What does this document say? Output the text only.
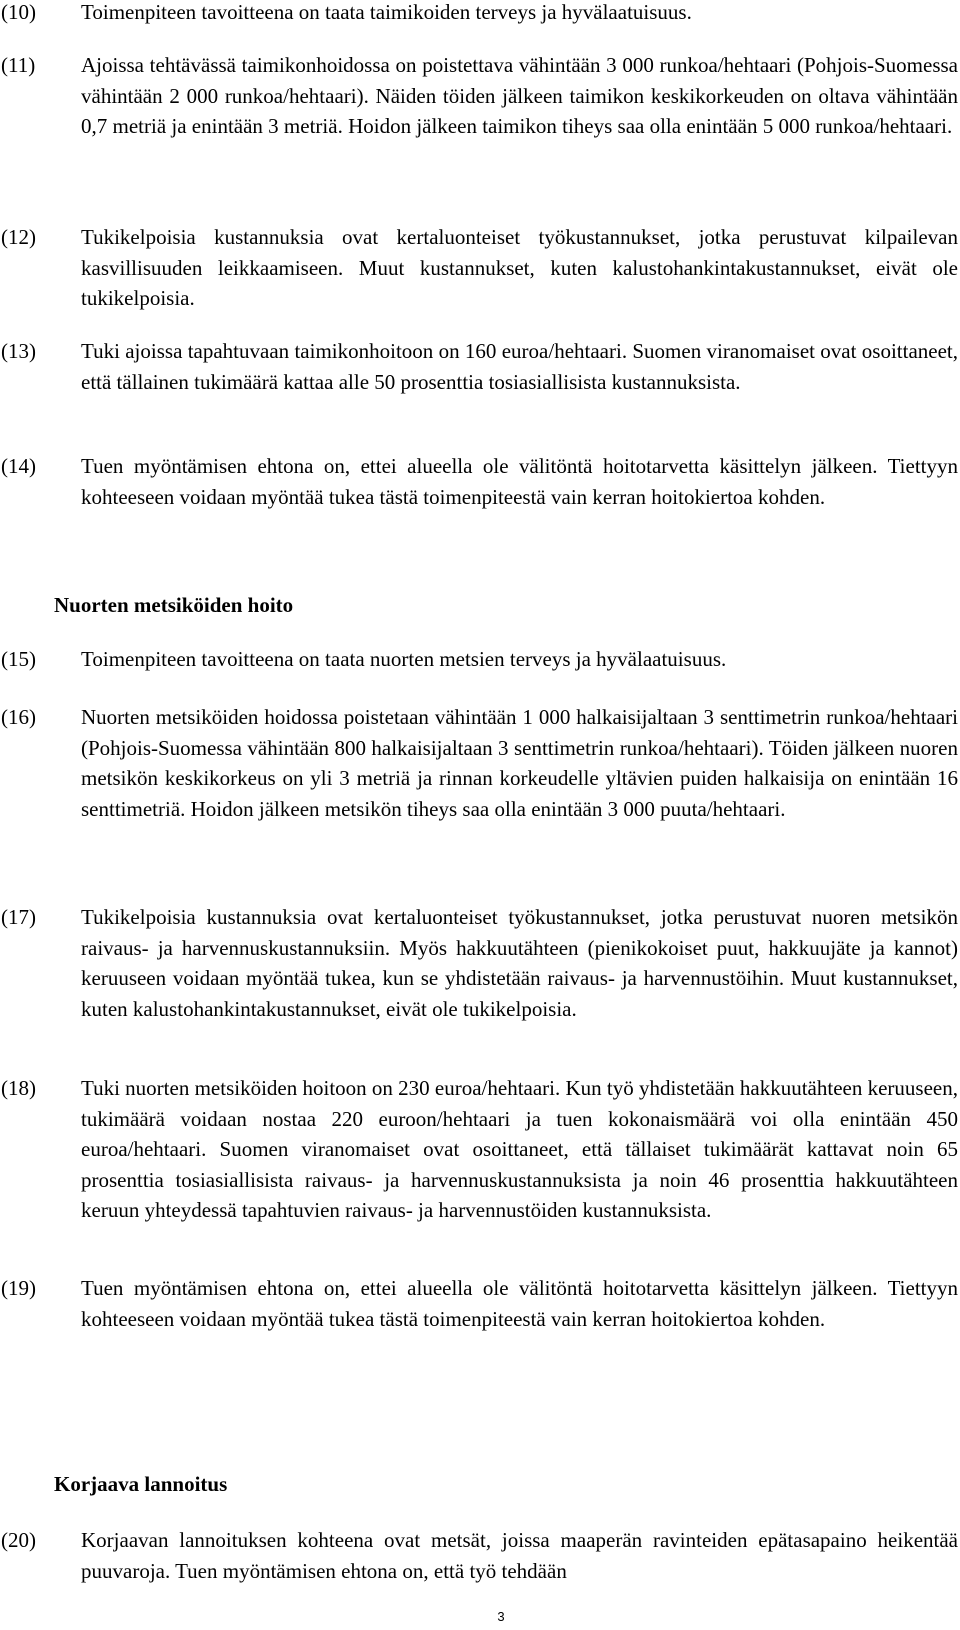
(10)	Toimenpiteen tavoitteena on taata taimikoiden terveys ja hyvälaatuisuus.
(11)	Ajoissa tehtävässä taimikonhoidossa on poistettava vähintään 3 000 runkoa/hehtaari (Pohjois-Suomessa vähintään 2 000 runkoa/hehtaari). Näiden töiden jälkeen taimikon keskikorkeuden on oltava vähintään 0,7 metriä ja enintään 3 metriä. Hoidon jälkeen taimikon tiheys saa olla enintään 5 000 runkoa/hehtaari.
(12)	Tukikelpoisia kustannuksia ovat kertaluonteiset työkustannukset, jotka perustuvat kilpailevan kasvillisuuden leikkaamiseen. Muut kustannukset, kuten kalustohankintakustannukset, eivät ole tukikelpoisia.
(13)	Tuki ajoissa tapahtuvaan taimikonhoitoon on 160 euroa/hehtaari. Suomen viranomaiset ovat osoittaneet, että tällainen tukimäärä kattaa alle 50 prosenttia tosiasiallisista kustannuksista.
(14)	Tuen myöntämisen ehtona on, ettei alueella ole välitöntä hoitotarvetta käsittelyn jälkeen. Tiettyyn kohteeseen voidaan myöntää tukea tästä toimenpiteestä vain kerran hoitokiertoa kohden.
Nuorten metsiköiden hoito
(15)	Toimenpiteen tavoitteena on taata nuorten metsien terveys ja hyvälaatuisuus.
(16)	Nuorten metsiköiden hoidossa poistetaan vähintään 1 000 halkaisijaltaan 3 senttimetrin runkoa/hehtaari (Pohjois-Suomessa vähintään 800 halkaisijaltaan 3 senttimetrin runkoa/hehtaari). Töiden jälkeen nuoren metsikön keskikorkeus on yli 3 metriä ja rinnan korkeudelle yltävien puiden halkaisija on enintään 16 senttimetriä. Hoidon jälkeen metsikön tiheys saa olla enintään 3 000 puuta/hehtaari.
(17)	Tukikelpoisia kustannuksia ovat kertaluonteiset työkustannukset, jotka perustuvat nuoren metsikön raivaus- ja harvennuskustannuksiin. Myös hakkuutähteen (pienikokoiset puut, hakkuujäte ja kannot) keruuseen voidaan myöntää tukea, kun se yhdistetään raivaus- ja harvennustöihin. Muut kustannukset, kuten kalustohankintakustannukset, eivät ole tukikelpoisia.
(18)	Tuki nuorten metsiköiden hoitoon on 230 euroa/hehtaari. Kun työ yhdistetään hakkuutähteen keruuseen, tukimäärä voidaan nostaa 220 euroon/hehtaari ja tuen kokonaismäärä voi olla enintään 450 euroa/hehtaari. Suomen viranomaiset ovat osoittaneet, että tällaiset tukimäärät kattavat noin 65 prosenttia tosiasiallisista raivaus- ja harvennuskustannuksista ja noin 46 prosenttia hakkuutähteen keruun yhteydessä tapahtuvien raivaus- ja harvennustöiden kustannuksista.
(19)	Tuen myöntämisen ehtona on, ettei alueella ole välitöntä hoitotarvetta käsittelyn jälkeen. Tiettyyn kohteeseen voidaan myöntää tukea tästä toimenpiteestä vain kerran hoitokiertoa kohden.
Korjaava lannoitus
(20)	Korjaavan lannoituksen kohteena ovat metsät, joissa maaperän ravinteiden epätasapaino heikentää puuvaroja. Tuen myöntämisen ehtona on, että työ tehdään
3
